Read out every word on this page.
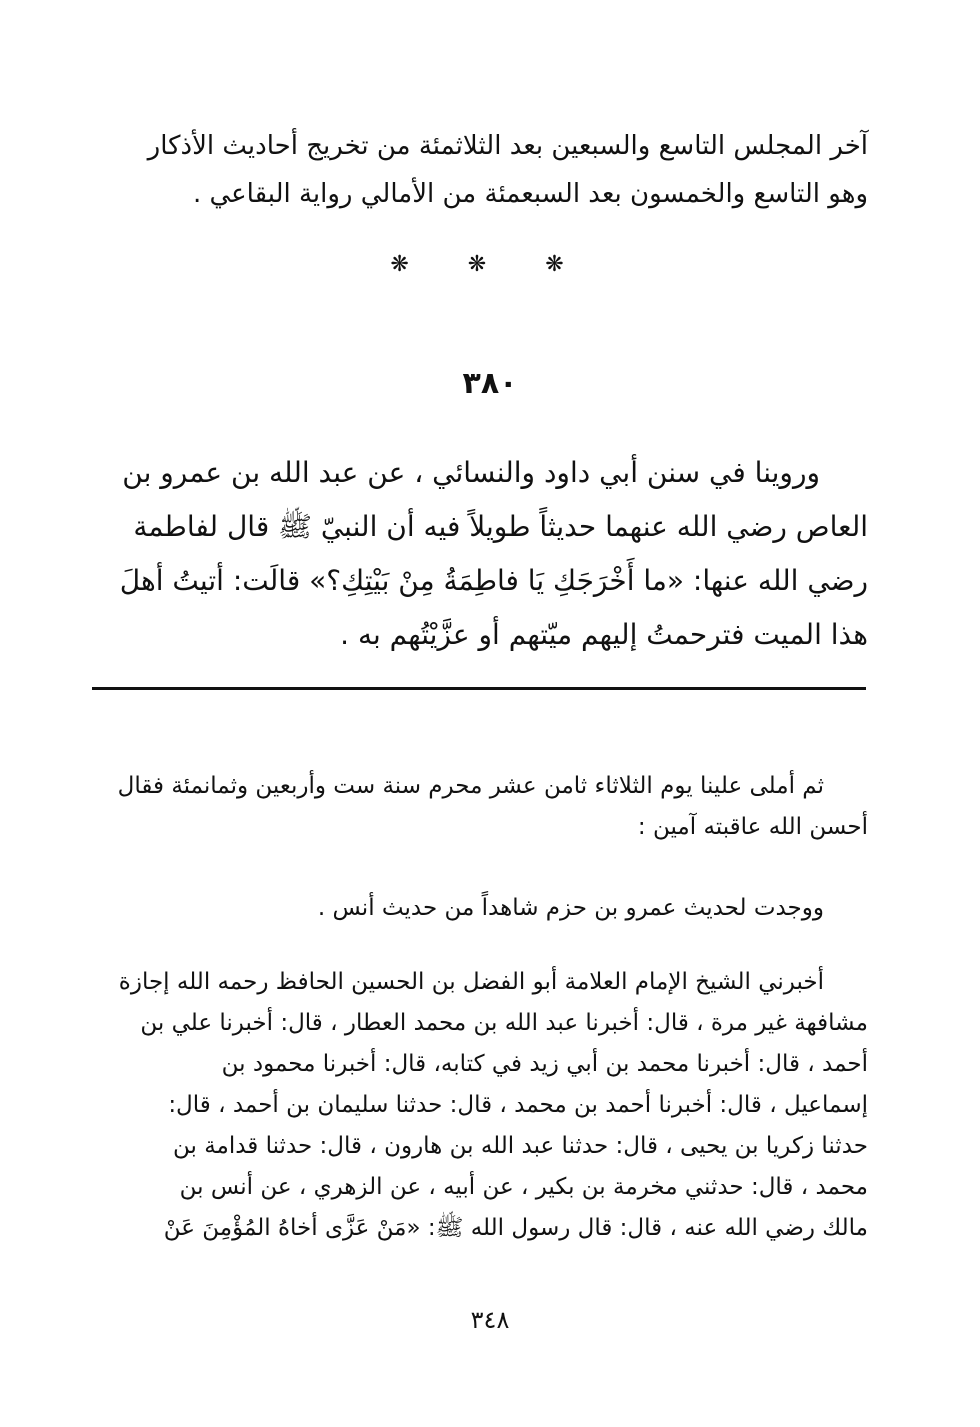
آخر المجلس التاسع والسبعين بعد الثلاثمئة من تخريج أحاديث الأذكار
وهو التاسع والخمسون بعد السبعمئة من الأمالي رواية البقاعي .
❋ ❋ ❋
٣٨٠
وروينا في سنن أبي داود والنسائي ، عن عبد الله بن عمرو بن
العاص رضي الله عنهما حديثاً طويلاً فيه أن النبيّ ﷺ قال لفاطمة
رضي الله عنها: «ما أَخْرَجَكِ يَا فاطِمَةُ مِنْ بَيْتِكِ؟» قالَت: أتيتُ أهلَ
هذا الميت فترحمتُ إليهم ميّتهم أو عزَّيْتُهم به .
ثم أملى علينا يوم الثلاثاء ثامن عشر محرم سنة ست وأربعين وثمانمئة فقال
أحسن الله عاقبته آمين :
ووجدت لحديث عمرو بن حزم شاهداً من حديث أنس .
أخبرني الشيخ الإمام العلامة أبو الفضل بن الحسين الحافظ رحمه الله إجازة
مشافهة غير مرة ، قال: أخبرنا عبد الله بن محمد العطار ، قال: أخبرنا علي بن
أحمد ، قال: أخبرنا محمد بن أبي زيد في كتابه، قال: أخبرنا محمود بن
إسماعيل ، قال: أخبرنا أحمد بن محمد ، قال: حدثنا سليمان بن أحمد ، قال:
حدثنا زكريا بن يحيى ، قال: حدثنا عبد الله بن هارون ، قال: حدثنا قدامة بن
محمد ، قال: حدثني مخرمة بن بكير ، عن أبيه ، عن الزهري ، عن أنس بن
مالك رضي الله عنه ، قال: قال رسول الله ﷺ: «مَنْ عَزَّى أخاهُ المُؤْمِنَ عَنْ
٣٤٨
